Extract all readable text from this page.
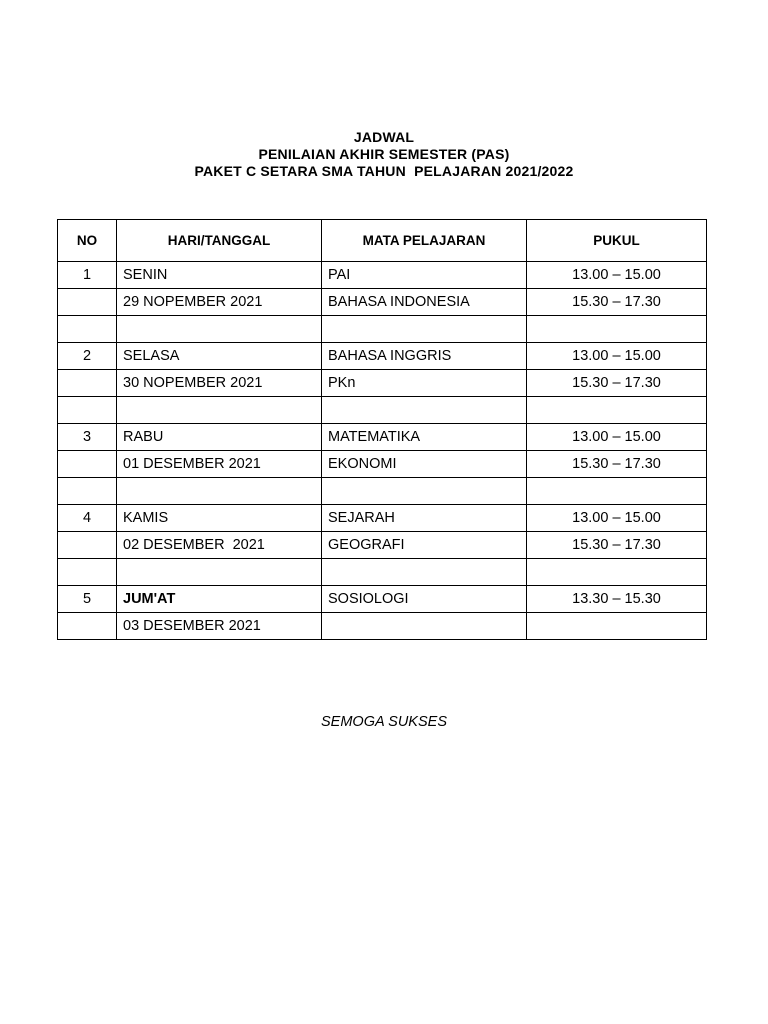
JADWAL
PENILAIAN AKHIR SEMESTER (PAS)
PAKET C SETARA SMA TAHUN  PELAJARAN 2021/2022
NO	HARI/TANGGAL	MATA PELAJARAN	PUKUL
1	SENIN	PAI	13.00 – 15.00
	29 NOPEMBER 2021	BAHASA INDONESIA	15.30 – 17.30

2	SELASA	BAHASA INGGRIS	13.00 – 15.00
	30 NOPEMBER 2021	PKn	15.30 – 17.30

3	RABU	MATEMATIKA	13.00 – 15.00
	01 DESEMBER 2021	EKONOMI	15.30 – 17.30

4	KAMIS	SEJARAH	13.00 – 15.00
	02 DESEMBER  2021	GEOGRAFI	15.30 – 17.30

5	JUM'AT	SOSIOLOGI	13.30 – 15.30
	03 DESEMBER 2021		
SEMOGA SUKSES
